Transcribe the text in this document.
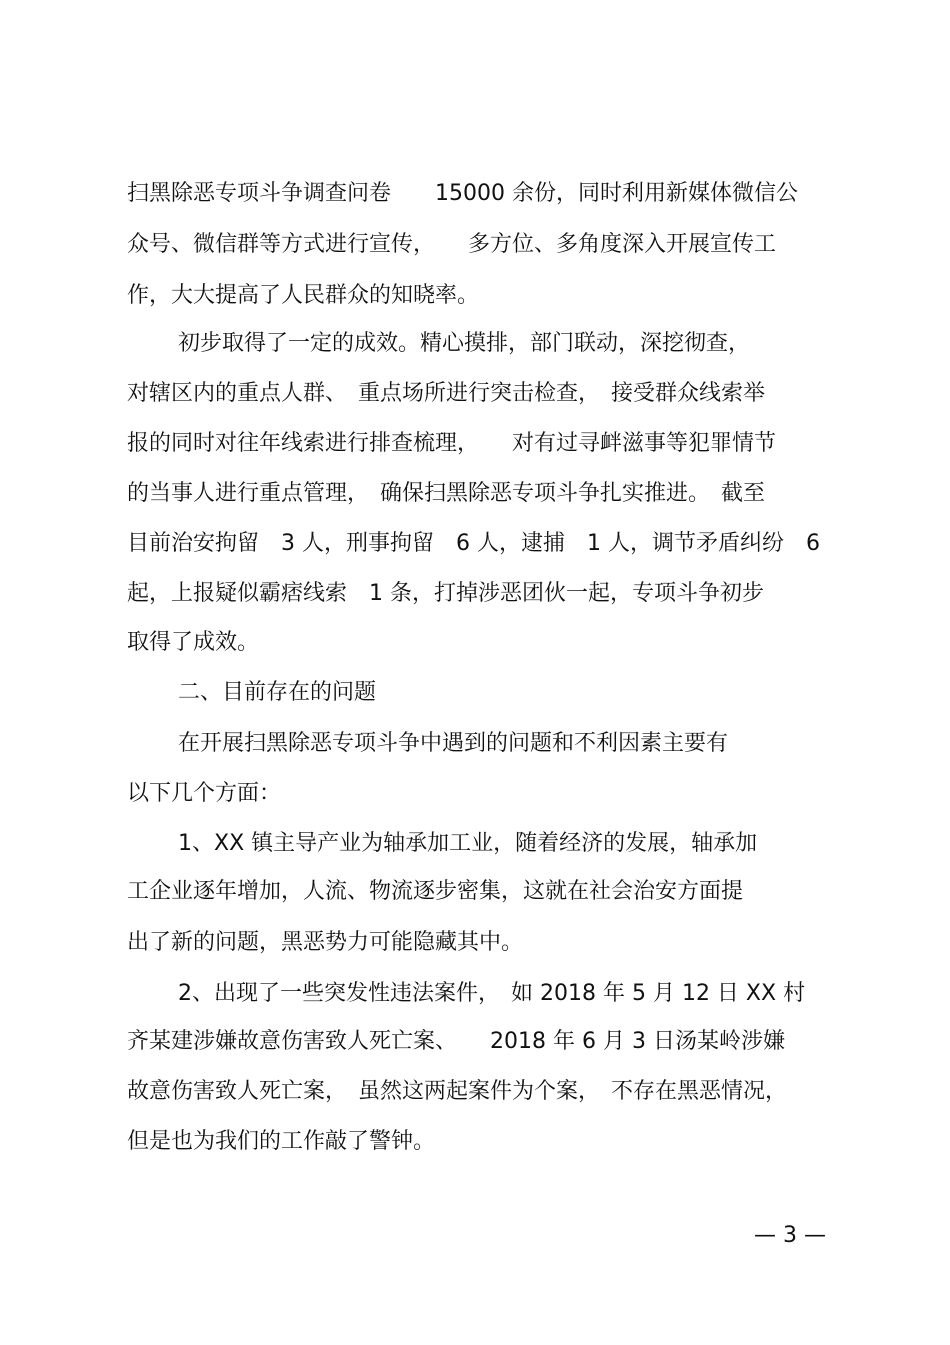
扫黑除恶专项斗争调查问卷　　15000 余份，同时利用新媒体微信公

众号、微信群等方式进行宣传，　　多方位、多角度深入开展宣传工

作，大大提高了人民群众的知晓率。

初步取得了一定的成效。精心摸排，部门联动，深挖彻查，

对辖区内的重点人群、　重点场所进行突击检查，　接受群众线索举

报的同时对往年线索进行排查梳理，　　对有过寻衅滋事等犯罪情节

的当事人进行重点管理，　确保扫黑除恶专项斗争扎实推进。　截至

目前治安拘留　3 人，刑事拘留　6 人，逮捕　1 人，调节矛盾纠纷　6

起，上报疑似霸痞线索　1 条，打掉涉恶团伙一起，专项斗争初步

取得了成效。

二、目前存在的问题

在开展扫黑除恶专项斗争中遇到的问题和不利因素主要有

以下几个方面：

1、XX 镇主导产业为轴承加工业，随着经济的发展，轴承加

工企业逐年增加，人流、物流逐步密集，这就在社会治安方面提

出了新的问题，黑恶势力可能隐藏其中。

2、出现了一些突发性违法案件，　如 2018 年 5 月 12 日 XX 村

齐某建涉嫌故意伤害致人死亡案、　　2018 年 6 月 3 日汤某岭涉嫌

故意伤害致人死亡案，　虽然这两起案件为个案，　不存在黑恶情况，

但是也为我们的工作敲了警钟。

— 3 —
